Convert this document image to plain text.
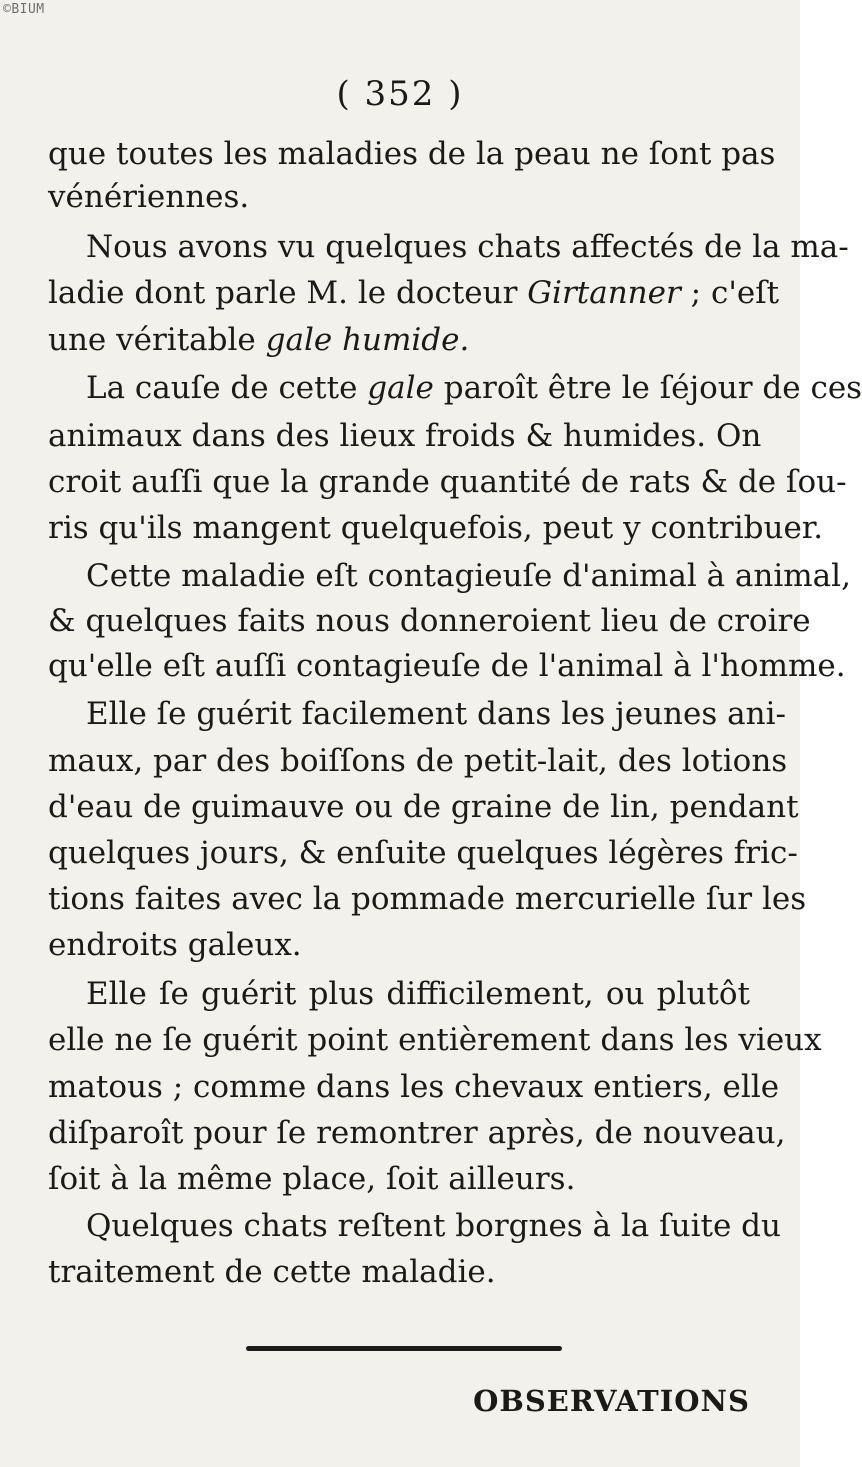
©BIUM
( 352 )
que toutes les maladies de la peau ne ſont pas
vénériennes.
Nous avons vu quelques chats affectés de la ma-
ladie dont parle M. le docteur Girtanner ; c'eſt
une véritable gale humide.
La cauſe de cette gale paroît être le ſéjour de ces
animaux dans des lieux froids & humides. On
croit auſſi que la grande quantité de rats & de ſou-
ris qu'ils mangent quelquefois, peut y contribuer.
Cette maladie eſt contagieuſe d'animal à animal,
& quelques faits nous donneroient lieu de croire
qu'elle eſt auſſi contagieuſe de l'animal à l'homme.
Elle ſe guérit facilement dans les jeunes ani-
maux, par des boiſſons de petit-lait, des lotions
d'eau de guimauve ou de graine de lin, pendant
quelques jours, & enſuite quelques légères fric-
tions faites avec la pommade mercurielle ſur les
endroits galeux.
Elle ſe guérit plus difficilement, ou plutôt
elle ne ſe guérit point entièrement dans les vieux
matous ; comme dans les chevaux entiers, elle
diſparoît pour ſe remontrer après, de nouveau,
ſoit à la même place, ſoit ailleurs.
Quelques chats reſtent borgnes à la ſuite du
traitement de cette maladie.
OBSERVATIONS
